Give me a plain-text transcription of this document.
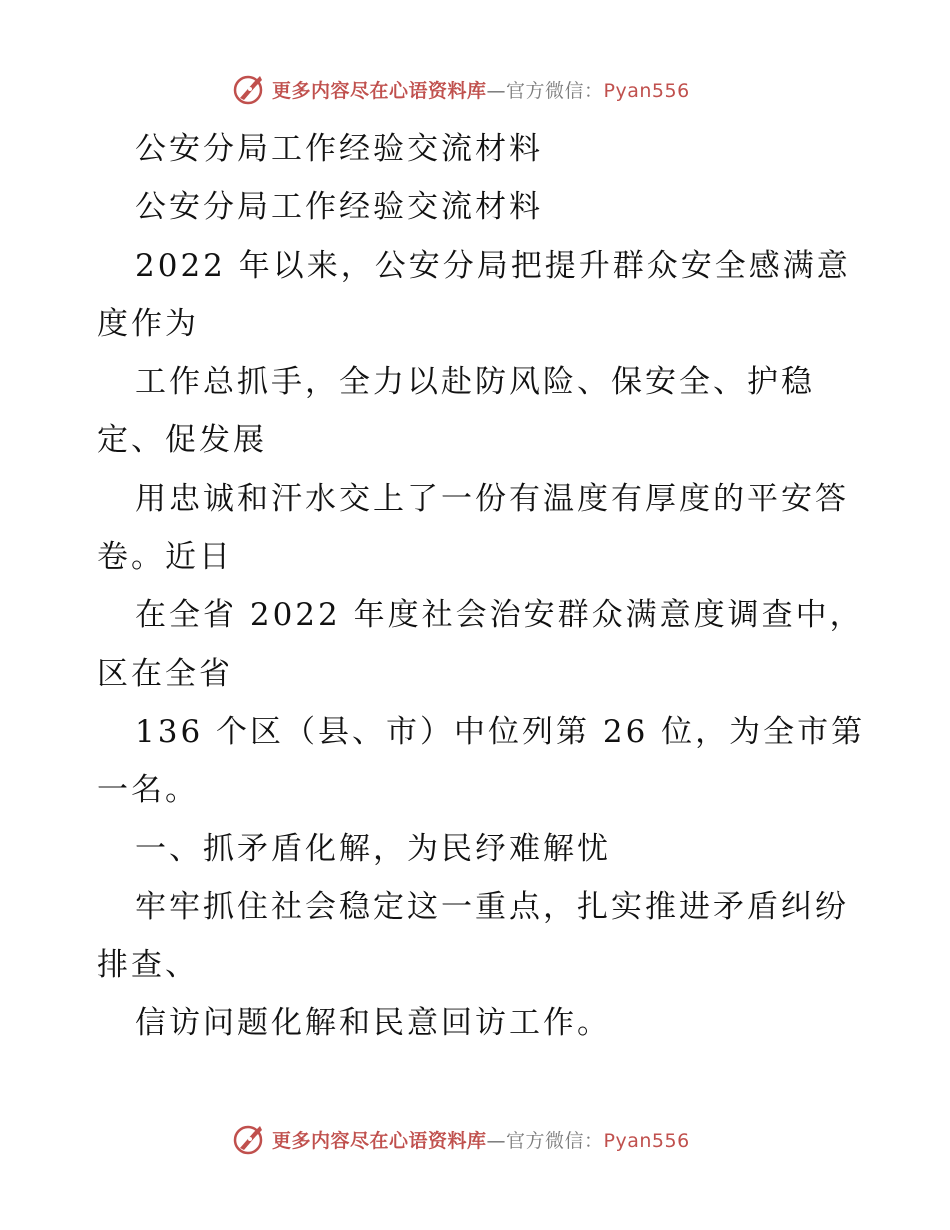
更多内容尽在心语资料库—官方微信：Pyan556
公安分局工作经验交流材料
公安分局工作经验交流材料
2022 年以来，公安分局把提升群众安全感满意
度作为
工作总抓手，全力以赴防风险、保安全、护稳
定、促发展
用忠诚和汗水交上了一份有温度有厚度的平安答
卷。近日
在全省 2022 年度社会治安群众满意度调查中，
区在全省
136 个区（县、市）中位列第 26 位，为全市第
一名。
一、抓矛盾化解，为民纾难解忧
牢牢抓住社会稳定这一重点，扎实推进矛盾纠纷
排查、
信访问题化解和民意回访工作。
更多内容尽在心语资料库—官方微信：Pyan556
